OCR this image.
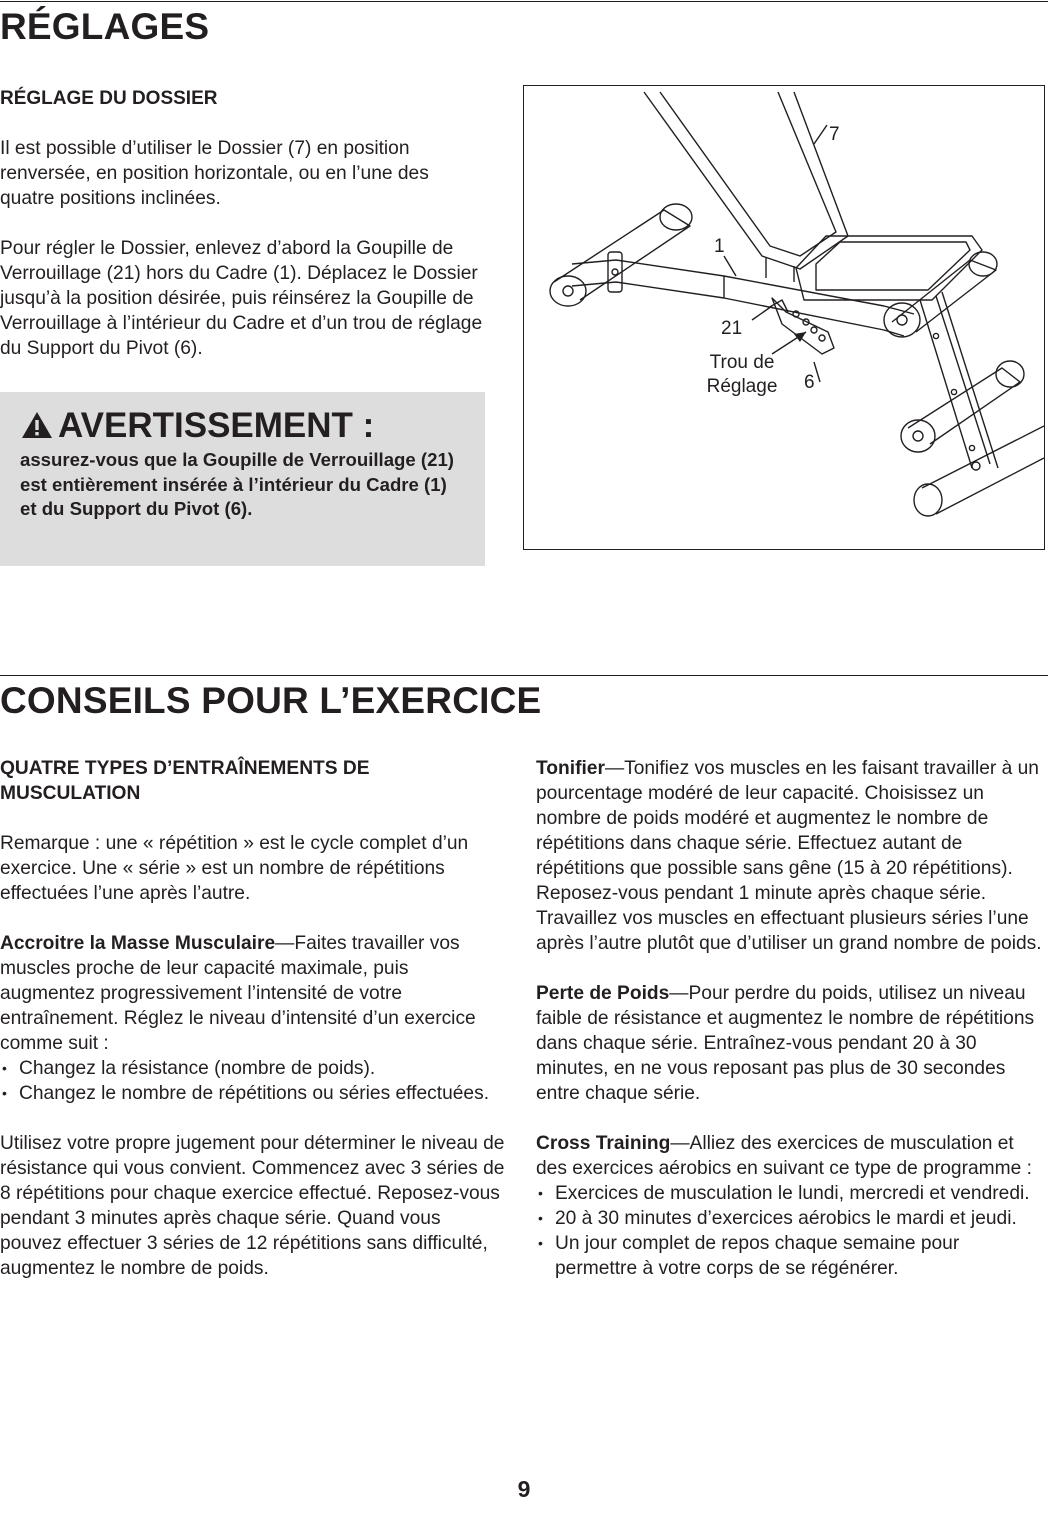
RÉGLAGES
RÉGLAGE DU DOSSIER

Il est possible d’utiliser le Dossier (7) en position renversée, en position horizontale, ou en l’une des quatre positions inclinées.

Pour régler le Dossier, enlevez d’abord la Goupille de Verrouillage (21) hors du Cadre (1). Déplacez le Dossier jusqu’à la position désirée, puis réinsérez la Goupille de Verrouillage à l’intérieur du Cadre et d’un trou de réglage du Support du Pivot (6).

AVERTISSEMENT :
assurez-vous que la Goupille de Verrouillage (21) est entièrement insérée à l’intérieur du Cadre (1) et du Support du Pivot (6).
7
1
21
Trou de
Réglage	6
CONSEILS POUR L’EXERCICE

QUATRE TYPES D’ENTRAÎNEMENTS DE MUSCULATION

Remarque : une « répétition » est le cycle complet d’un exercice. Une « série » est un nombre de répétitions effectuées l’une après l’autre.

Accroitre la Masse Musculaire—Faites travailler vos muscles proche de leur capacité maximale, puis augmentez progressivement l’intensité de votre entraînement. Réglez le niveau d’intensité d’un exercice comme suit :

• Changez la résistance (nombre de poids).
• Changez le nombre de répétitions ou séries effectuées.

Utilisez votre propre jugement pour déterminer le niveau de résistance qui vous convient. Commencez avec 3 séries de 8 répétitions pour chaque exercice effectué. Reposez-vous pendant 3 minutes après chaque série. Quand vous pouvez effectuer 3 séries de 12 répétitions sans difficulté, augmentez le nombre de poids.

Tonifier—Tonifiez vos muscles en les faisant travailler à un pourcentage modéré de leur capacité. Choisissez un nombre de poids modéré et augmentez le nombre de répétitions dans chaque série. Effectuez autant de répétitions que possible sans gêne (15 à 20 répétitions). Reposez-vous pendant 1 minute après chaque série. Travaillez vos muscles en effectuant plusieurs séries l’une après l’autre plutôt que d’utiliser un grand nombre de poids.

Perte de Poids—Pour perdre du poids, utilisez un niveau faible de résistance et augmentez le nombre de répétitions dans chaque série. Entraînez-vous pendant 20 à 30 minutes, en ne vous reposant pas plus de 30 secondes entre chaque série.

Cross Training—Alliez des exercices de musculation et des exercices aérobics en suivant ce type de programme :

• Exercices de musculation le lundi, mercredi et vendredi.
• 20 à 30 minutes d’exercices aérobics le mardi et jeudi.
• Un jour complet de repos chaque semaine pour permettre à votre corps de se régénérer.
9
